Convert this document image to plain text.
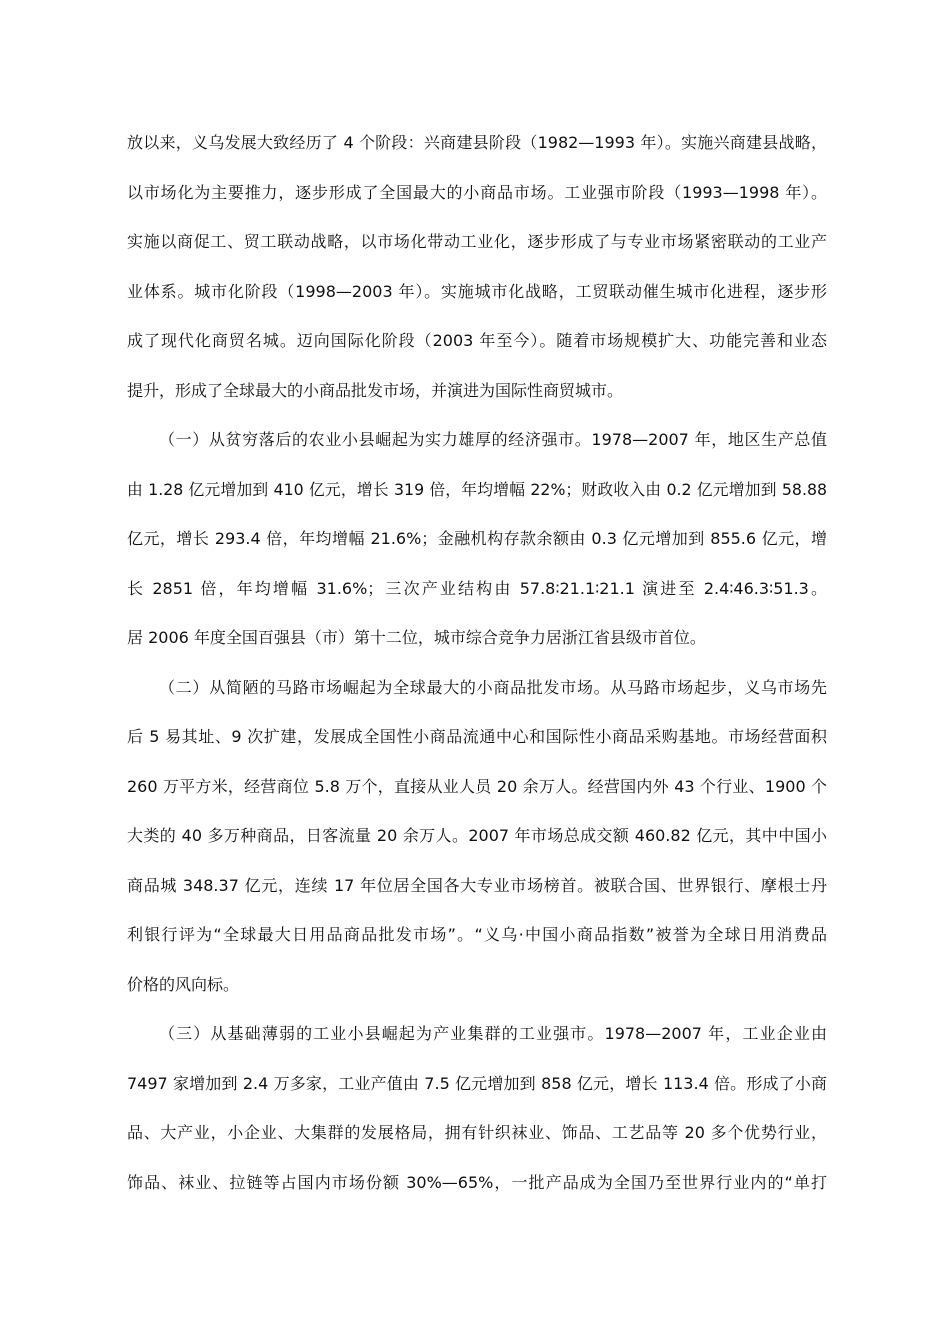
放以来，义乌发展大致经历了 4 个阶段：兴商建县阶段（1982—1993 年）。实施兴商建县战略，
以市场化为主要推力，逐步形成了全国最大的小商品市场。工业强市阶段（1993—1998 年）。
实施以商促工、贸工联动战略，以市场化带动工业化，逐步形成了与专业市场紧密联动的工业产
业体系。城市化阶段（1998—2003 年）。实施城市化战略，工贸联动催生城市化进程，逐步形
成了现代化商贸名城。迈向国际化阶段（2003 年至今）。随着市场规模扩大、功能完善和业态
提升，形成了全球最大的小商品批发市场，并演进为国际性商贸城市。
（一）从贫穷落后的农业小县崛起为实力雄厚的经济强市。1978—2007 年，地区生产总值
由 1.28 亿元增加到 410 亿元，增长 319 倍，年均增幅 22%；财政收入由 0.2 亿元增加到 58.88
亿元，增长 293.4 倍，年均增幅 21.6%；金融机构存款余额由 0.3 亿元增加到 855.6 亿元，增
长 2851 倍，年均增幅 31.6%；三次产业结构由 57.8∶21.1∶21.1 演进至 2.4∶46.3∶51.3。
居 2006 年度全国百强县（市）第十二位，城市综合竞争力居浙江省县级市首位。
（二）从简陋的马路市场崛起为全球最大的小商品批发市场。从马路市场起步，义乌市场先
后 5 易其址、9 次扩建，发展成全国性小商品流通中心和国际性小商品采购基地。市场经营面积
260 万平方米，经营商位 5.8 万个，直接从业人员 20 余万人。经营国内外 43 个行业、1900 个
大类的 40 多万种商品，日客流量 20 余万人。2007 年市场总成交额 460.82 亿元，其中中国小
商品城 348.37 亿元，连续 17 年位居全国各大专业市场榜首。被联合国、世界银行、摩根士丹
利银行评为“全球最大日用品商品批发市场”。“义乌·中国小商品指数”被誉为全球日用消费品
价格的风向标。
（三）从基础薄弱的工业小县崛起为产业集群的工业强市。1978—2007 年，工业企业由
7497 家增加到 2.4 万多家，工业产值由 7.5 亿元增加到 858 亿元，增长 113.4 倍。形成了小商
品、大产业，小企业、大集群的发展格局，拥有针织袜业、饰品、工艺品等 20 多个优势行业，
饰品、袜业、拉链等占国内市场份额 30%—65%，一批产品成为全国乃至世界行业内的“单打
